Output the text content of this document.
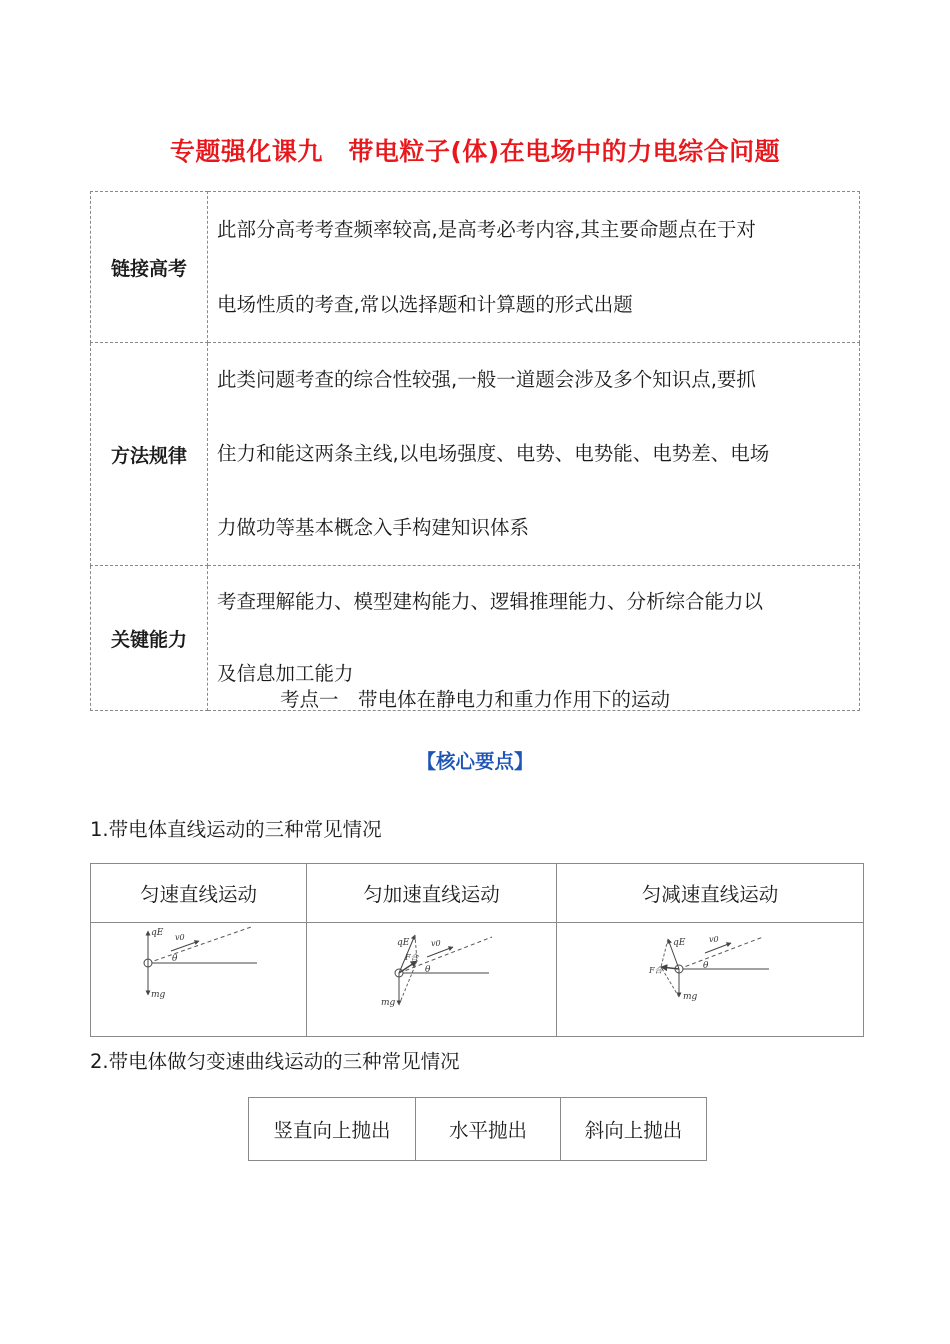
专题强化课九　带电粒子(体)在电场中的力电综合问题
链接高考	此部分高考考查频率较高,是高考必考内容,其主要命题点在于对

电场性质的考查,常以选择题和计算题的形式出题

方法规律	此类问题考查的综合性较强,一般一道题会涉及多个知识点,要抓

住力和能这两条主线,以电场强度、电势、电势能、电势差、电场

力做功等基本概念入手构建知识体系

关键能力	考查理解能力、模型建构能力、逻辑推理能力、分析综合能力以

及信息加工能力

考点一　带电体在静电力和重力作用下的运动
【核心要点】
1.带电体直线运动的三种常见情况
匀速直线运动	匀加速直线运动	匀减速直线运动

qE
mg
v0
θ	qE
mg
v0
F合
θ	qE
mg
v0
F合 θ
2.带电体做匀变速曲线运动的三种常见情况
竖直向上抛出	水平抛出	斜向上抛出
